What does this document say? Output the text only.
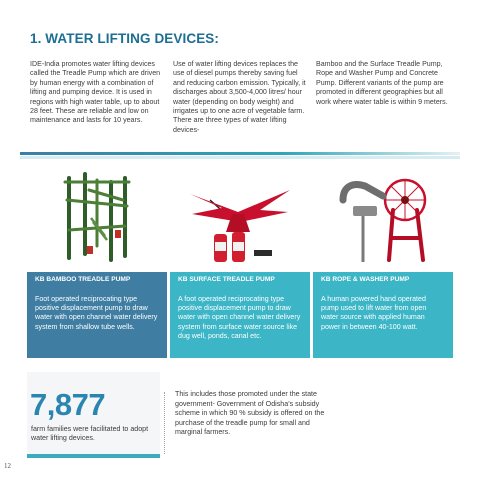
1. WATER LIFTING DEVICES:
IDE-India promotes water lifting devices called the Treadle Pump which are driven by human energy with a combination of lifting and pumping device. It is used in regions with high water table, up to about 28 feet. These are reliable and low on maintenance and lasts for 10 years.
Use of water lifting devices replaces the use of diesel pumps thereby saving fuel and reducing carbon emission. Typically, it discharges about 3,500-4,000 litres/ hour water (depending on body weight) and irrigates up to one acre of vegetable farm. There are three types of water lifting devices-
Bamboo and the Surface Treadle Pump, Rope and Washer Pump and Concrete Pump. Different variants of the pump are promoted in different geographies but all work where water table is within 9 meters.
KB BAMBOO TREADLE PUMP	KB SURFACE TREADLE PUMP	KB ROPE & WASHER PUMP
Foot operated reciprocating type positive displacement pump to draw water with open channel water delivery system from shallow tube wells.
A foot operated reciprocating type positive displacement pump to draw water with open channel water delivery system from surface water source like dug well, ponds, canal etc.
A human powered hand operated pump used to lift water from open water source with applied human power in between 40-100 watt.
7,877
farm families were facilitated to adopt water lifting devices.
This includes those promoted under the state government- Government of Odisha’s subsidy scheme in which 90 % subsidy is offered on the purchase of the treadle pump for small and marginal farmers.
12
